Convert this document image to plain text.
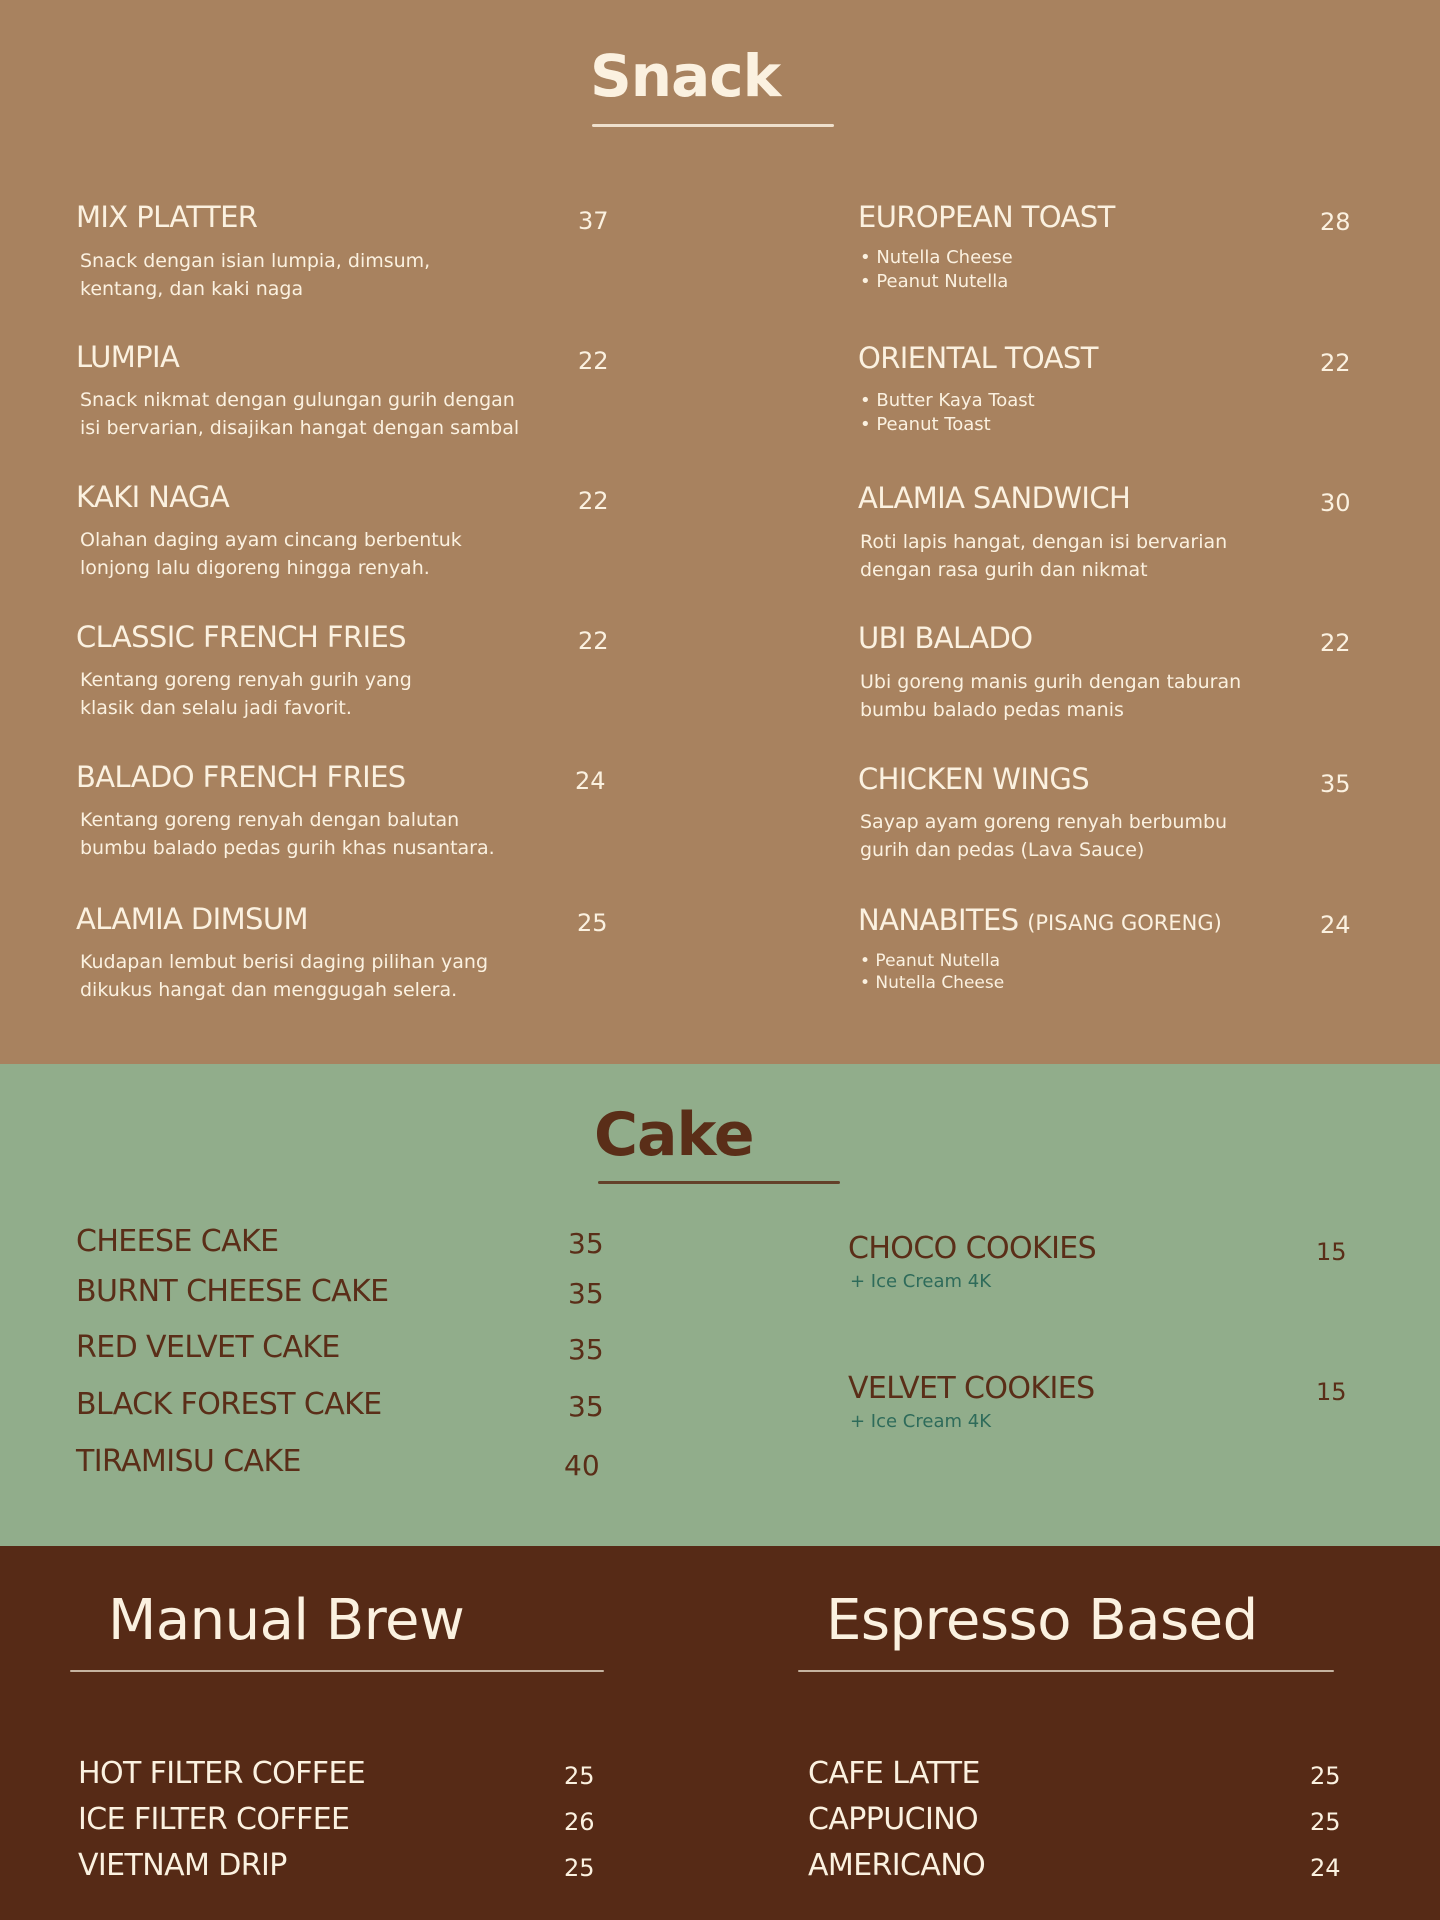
Snack
MIX PLATTER	37
Snack dengan isian lumpia, dimsum,
kentang, dan kaki naga
LUMPIA	22
Snack nikmat dengan gulungan gurih dengan
isi bervarian, disajikan hangat dengan sambal
KAKI NAGA	22
Olahan daging ayam cincang berbentuk
lonjong lalu digoreng hingga renyah.
CLASSIC FRENCH FRIES	22
Kentang goreng renyah gurih yang
klasik dan selalu jadi favorit.
BALADO FRENCH FRIES	24
Kentang goreng renyah dengan balutan
bumbu balado pedas gurih khas nusantara.
ALAMIA DIMSUM	25
Kudapan lembut berisi daging pilihan yang
dikukus hangat dan menggugah selera.
EUROPEAN TOAST	28
• Nutella Cheese
• Peanut Nutella
ORIENTAL TOAST	22
• Butter Kaya Toast
• Peanut Toast
ALAMIA SANDWICH	30
Roti lapis hangat, dengan isi bervarian
dengan rasa gurih dan nikmat
UBI BALADO	22
Ubi goreng manis gurih dengan taburan
bumbu balado pedas manis
CHICKEN WINGS	35
Sayap ayam goreng renyah berbumbu
gurih dan pedas (Lava Sauce)
NANABITES (PISANG GORENG)	24
• Peanut Nutella
• Nutella Cheese
Cake
CHEESE CAKE	35
BURNT CHEESE CAKE	35
RED VELVET CAKE	35
BLACK FOREST CAKE	35
TIRAMISU CAKE	40
CHOCO COOKIES	15
+ Ice Cream 4K
VELVET COOKIES	15
+ Ice Cream 4K
Manual Brew
HOT FILTER COFFEE	25
ICE FILTER COFFEE	26
VIETNAM DRIP	25
Espresso Based
CAFE LATTE	25
CAPPUCINO	25
AMERICANO	24
